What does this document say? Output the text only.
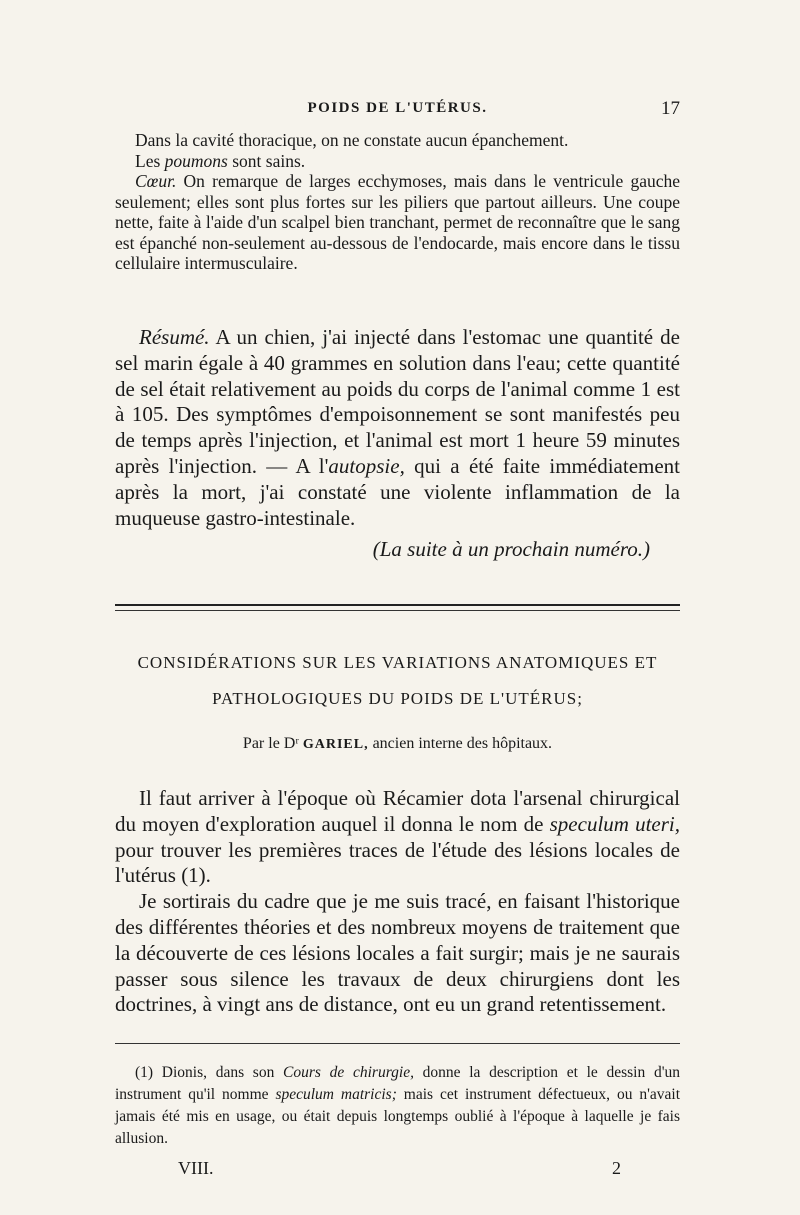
POIDS DE L'UTÉRUS.	17

Dans la cavité thoracique, on ne constate aucun épanchement.

Les poumons sont sains.

Cœur. On remarque de larges ecchymoses, mais dans le ventricule gauche seulement; elles sont plus fortes sur les piliers que partout ailleurs. Une coupe nette, faite à l'aide d'un scalpel bien tranchant, permet de reconnaître que le sang est épanché non-seulement au-dessous de l'endocarde, mais encore dans le tissu cellulaire intermusculaire.

Résumé. A un chien, j'ai injecté dans l'estomac une quantité de sel marin égale à 40 grammes en solution dans l'eau; cette quantité de sel était relativement au poids du corps de l'animal comme 1 est à 105. Des symptômes d'empoisonnement se sont manifestés peu de temps après l'injection, et l'animal est mort 1 heure 59 minutes après l'injection. — A l'autopsie, qui a été faite immédiatement après la mort, j'ai constaté une violente inflammation de la muqueuse gastro-intestinale.

(La suite à un prochain numéro.)
CONSIDÉRATIONS SUR LES VARIATIONS ANATOMIQUES ET
PATHOLOGIQUES DU POIDS DE L'UTÉRUS;
Par le Dʳ GARIEL, ancien interne des hôpitaux.

Il faut arriver à l'époque où Récamier dota l'arsenal chirurgical du moyen d'exploration auquel il donna le nom de speculum uteri, pour trouver les premières traces de l'étude des lésions locales de l'utérus (1).

Je sortirais du cadre que je me suis tracé, en faisant l'historique des différentes théories et des nombreux moyens de traitement que la découverte de ces lésions locales a fait surgir; mais je ne saurais passer sous silence les travaux de deux chirurgiens dont les doctrines, à vingt ans de distance, ont eu un grand retentissement.

(1) Dionis, dans son Cours de chirurgie, donne la description et le dessin d'un instrument qu'il nomme speculum matricis; mais cet instrument défectueux, ou n'avait jamais été mis en usage, ou était depuis longtemps oublié à l'époque à laquelle je fais allusion.

VIII.	2
